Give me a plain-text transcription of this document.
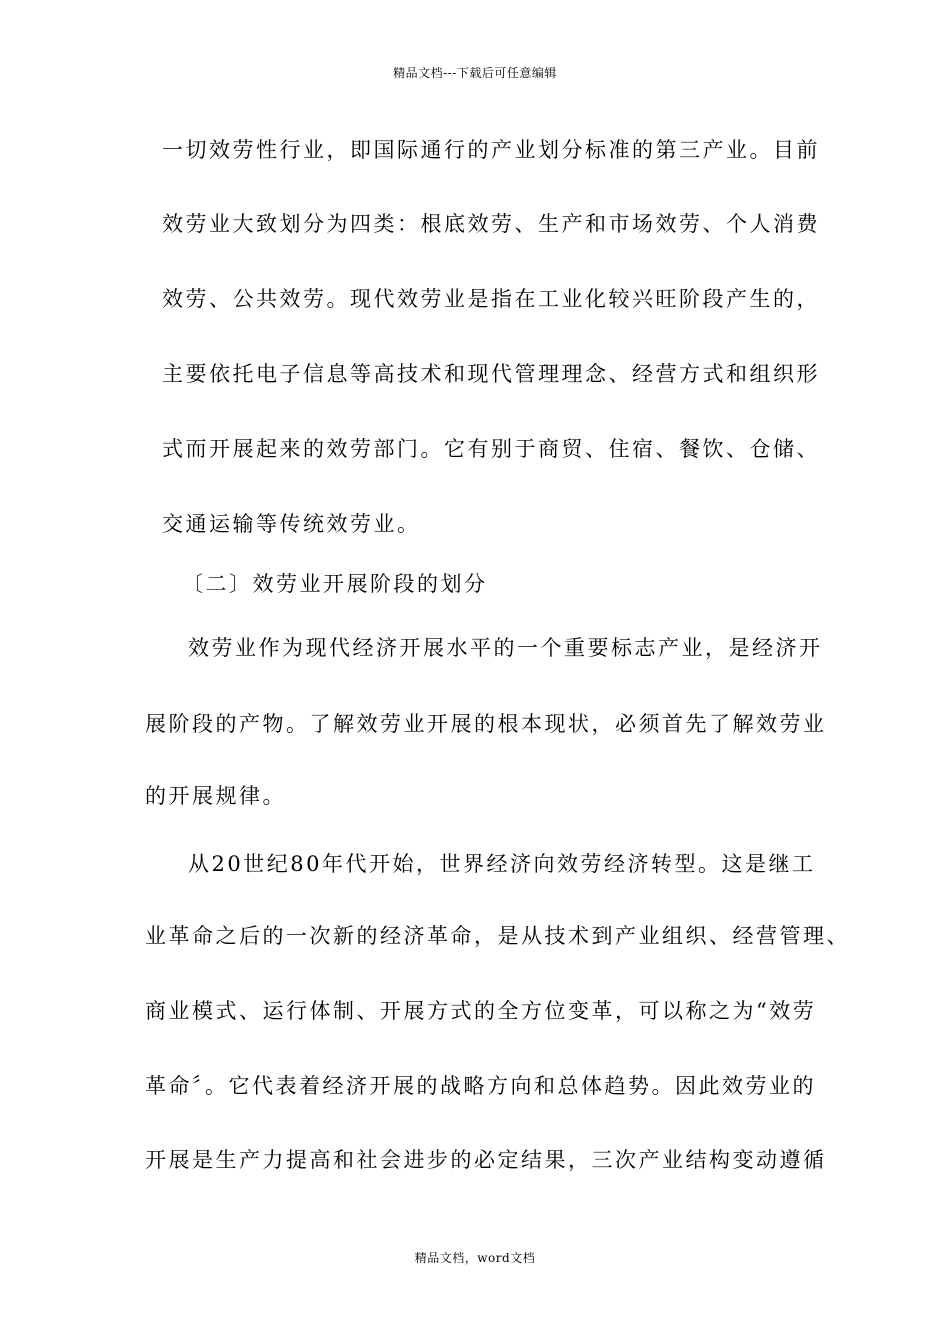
精品文档---下载后可任意编辑
一切效劳性行业，即国际通行的产业划分标准的第三产业。目前
效劳业大致划分为四类：根底效劳、生产和市场效劳、个人消费
效劳、公共效劳。现代效劳业是指在工业化较兴旺阶段产生的，
主要依托电子信息等高技术和现代管理理念、经营方式和组织形
式而开展起来的效劳部门。它有别于商贸、住宿、餐饮、仓储、
交通运输等传统效劳业。
〔二〕效劳业开展阶段的划分
效劳业作为现代经济开展水平的一个重要标志产业，是经济开
展阶段的产物。了解效劳业开展的根本现状，必须首先了解效劳业
的开展规律。
从20世纪80年代开始，世界经济向效劳经济转型。这是继工
业革命之后的一次新的经济革命，是从技术到产业组织、经营管理、
商业模式、运行体制、开展方式的全方位变革，可以称之为“效劳
革命〞。它代表着经济开展的战略方向和总体趋势。因此效劳业的
开展是生产力提高和社会进步的必定结果，三次产业结构变动遵循
精品文档，word文档
